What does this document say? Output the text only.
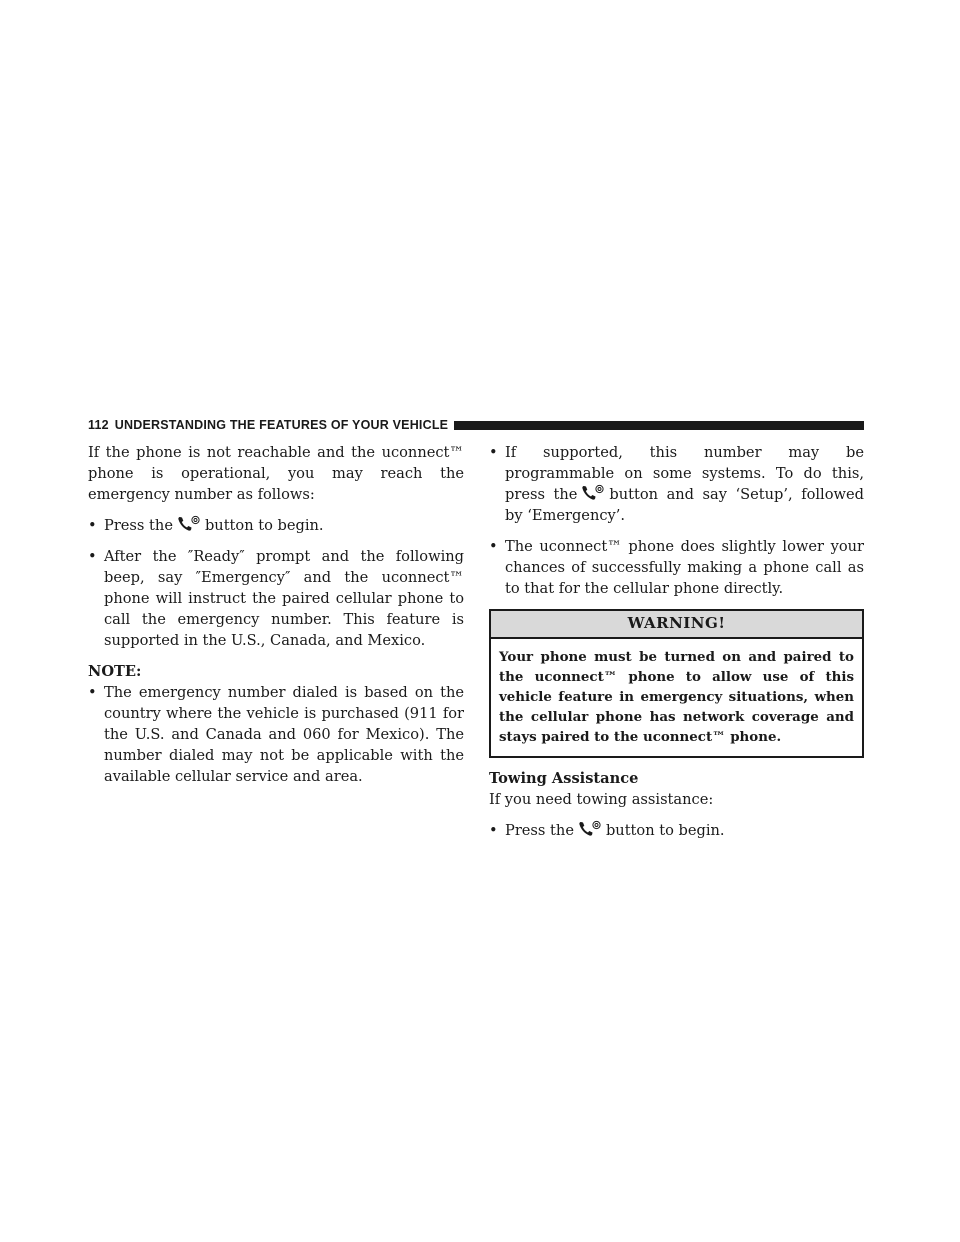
112 UNDERSTANDING THE FEATURES OF YOUR VEHICLE

If the phone is not reachable and the uconnect™ phone is operational, you may reach the emergency number as follows:

• Press the button to begin.
• After the ″Ready″ prompt and the following beep, say ″Emergency″ and the uconnect™ phone will instruct the paired cellular phone to call the emergency number. This feature is supported in the U.S., Canada, and Mexico.
NOTE:
• The emergency number dialed is based on the country where the vehicle is purchased (911 for the U.S. and Canada and 060 for Mexico). The number dialed may not be applicable with the available cellular service and area.
• If supported, this number may be programmable on some systems. To do this, press the button and say ‘Setup’, followed by ‘Emergency’.
• The uconnect™ phone does slightly lower your chances of successfully making a phone call as to that for the cellular phone directly.
WARNING!
Your phone must be turned on and paired to the uconnect™ phone to allow use of this vehicle feature in emergency situations, when the cellular phone has network coverage and stays paired to the uconnect™ phone.
Towing Assistance

If you need towing assistance:

• Press the button to begin.
